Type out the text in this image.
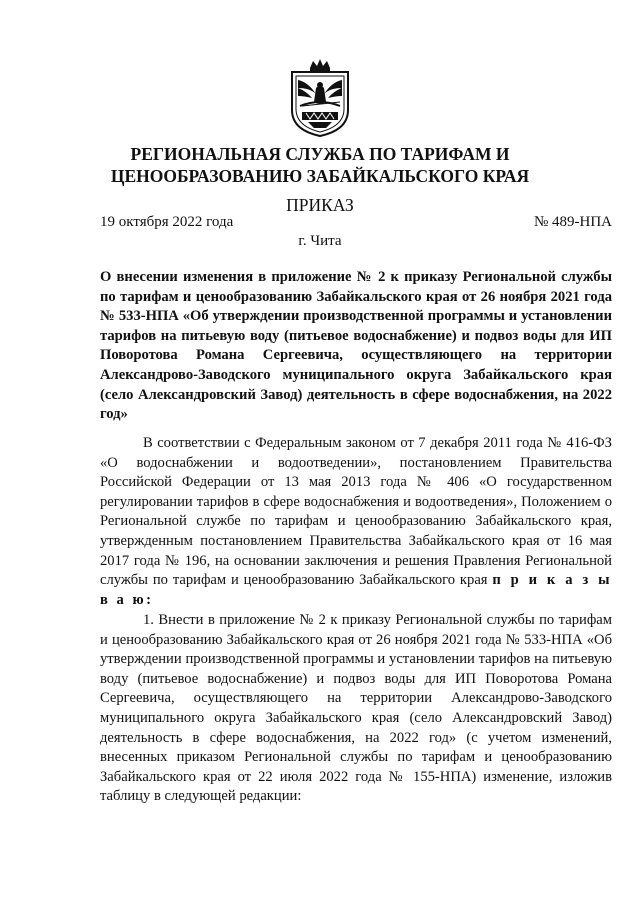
РЕГИОНАЛЬНАЯ СЛУЖБА ПО ТАРИФАМ И
ЦЕНООБРАЗОВАНИЮ ЗАБАЙКАЛЬСКОГО КРАЯ
ПРИКАЗ
19 октября 2022 года	№ 489-НПА
г. Чита
О внесении изменения в приложение № 2 к приказу Региональной службы по тарифам и ценообразованию Забайкальского края от 26 ноября 2021 года № 533-НПА «Об утверждении производственной программы и установлении тарифов на питьевую воду (питьевое водоснабжение) и подвоз воды для ИП Поворотова Романа Сергеевича, осуществляющего на территории Александрово-Заводского муниципального округа Забайкальского края (село Александровский Завод) деятельность в сфере водоснабжения, на 2022 год»
В соответствии с Федеральным законом от 7 декабря 2011 года № 416-ФЗ «О водоснабжении и водоотведении», постановлением Правительства Российской Федерации от 13 мая 2013 года № 406 «О государственном регулировании тарифов в сфере водоснабжения и водоотведения», Положением о Региональной службе по тарифам и ценообразованию Забайкальского края, утвержденным постановлением Правительства Забайкальского края от 16 мая 2017 года № 196, на основании заключения и решения Правления Региональной службы по тарифам и ценообразованию Забайкальского края п р и к а з ы в а ю:
1. Внести в приложение № 2 к приказу Региональной службы по тарифам и ценообразованию Забайкальского края от 26 ноября 2021 года № 533-НПА «Об утверждении производственной программы и установлении тарифов на питьевую воду (питьевое водоснабжение) и подвоз воды для ИП Поворотова Романа Сергеевича, осуществляющего на территории Александрово-Заводского муниципального округа Забайкальского края (село Александровский Завод) деятельность в сфере водоснабжения, на 2022 год» (с учетом изменений, внесенных приказом Региональной службы по тарифам и ценообразованию Забайкальского края от 22 июля 2022 года № 155-НПА) изменение, изложив таблицу в следующей редакции:
